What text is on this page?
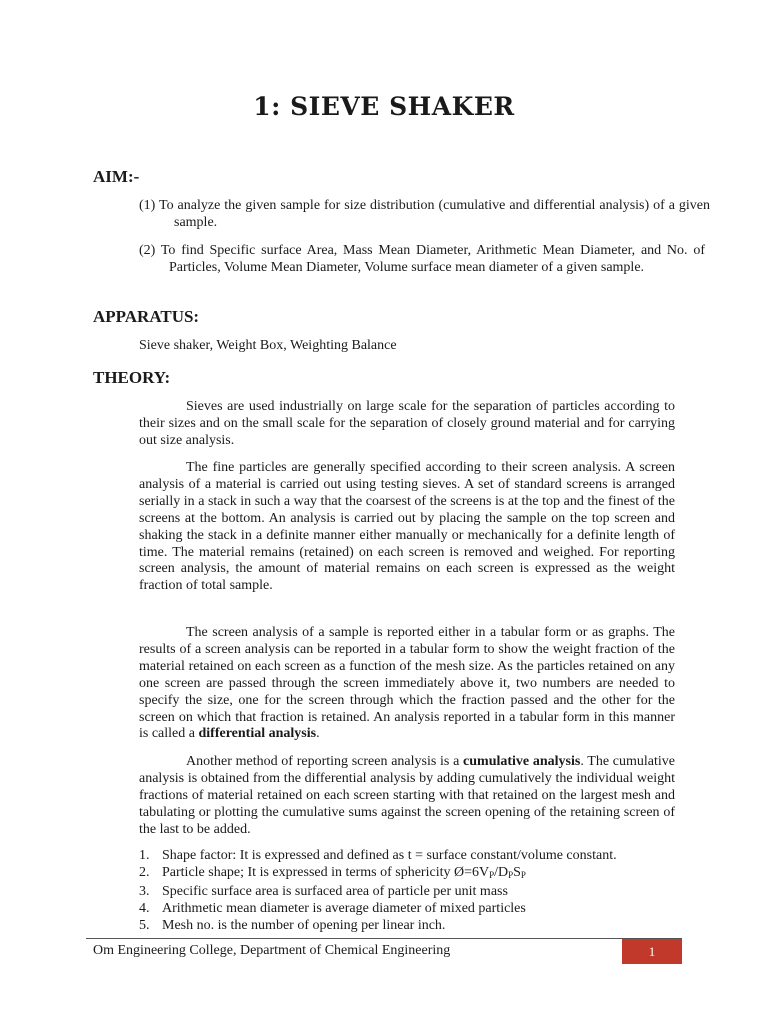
1: SIEVE SHAKER
AIM:-
(1) To analyze the given sample for size distribution (cumulative and differential analysis) of a given sample.
(2) To find Specific surface Area, Mass Mean Diameter, Arithmetic Mean Diameter, and No. of Particles, Volume Mean Diameter, Volume surface mean diameter of a given sample.
APPARATUS:
Sieve shaker, Weight Box, Weighting Balance
THEORY:
Sieves are used industrially on large scale for the separation of particles according to their sizes and on the small scale for the separation of closely ground material and for carrying out size analysis.
The fine particles are generally specified according to their screen analysis. A screen analysis of a material is carried out using testing sieves. A set of standard screens is arranged serially in a stack in such a way that the coarsest of the screens is at the top and the finest of the screens at the bottom. An analysis is carried out by placing the sample on the top screen and shaking the stack in a definite manner either manually or mechanically for a definite length of time. The material remains (retained) on each screen is removed and weighed. For reporting screen analysis, the amount of material remains on each screen is expressed as the weight fraction of total sample.
The screen analysis of a sample is reported either in a tabular form or as graphs. The results of a screen analysis can be reported in a tabular form to show the weight fraction of the material retained on each screen as a function of the mesh size. As the particles retained on any one screen are passed through the screen immediately above it, two numbers are needed to specify the size, one for the screen through which the fraction passed and the other for the screen on which that fraction is retained. An analysis reported in a tabular form in this manner is called a differential analysis.
Another method of reporting screen analysis is a cumulative analysis. The cumulative analysis is obtained from the differential analysis by adding cumulatively the individual weight fractions of material retained on each screen starting with that retained on the largest mesh and tabulating or plotting the cumulative sums against the screen opening of the retaining screen of the last to be added.
1. Shape factor: It is expressed and defined as t = surface constant/volume constant.
2. Particle shape; It is expressed in terms of sphericity $Ø=6V_P/D_PS_P$
3. Specific surface area is surfaced area of particle per unit mass
4. Arithmetic mean diameter is average diameter of mixed particles
5. Mesh no. is the number of opening per linear inch.
Om Engineering College, Department of Chemical Engineering	1
